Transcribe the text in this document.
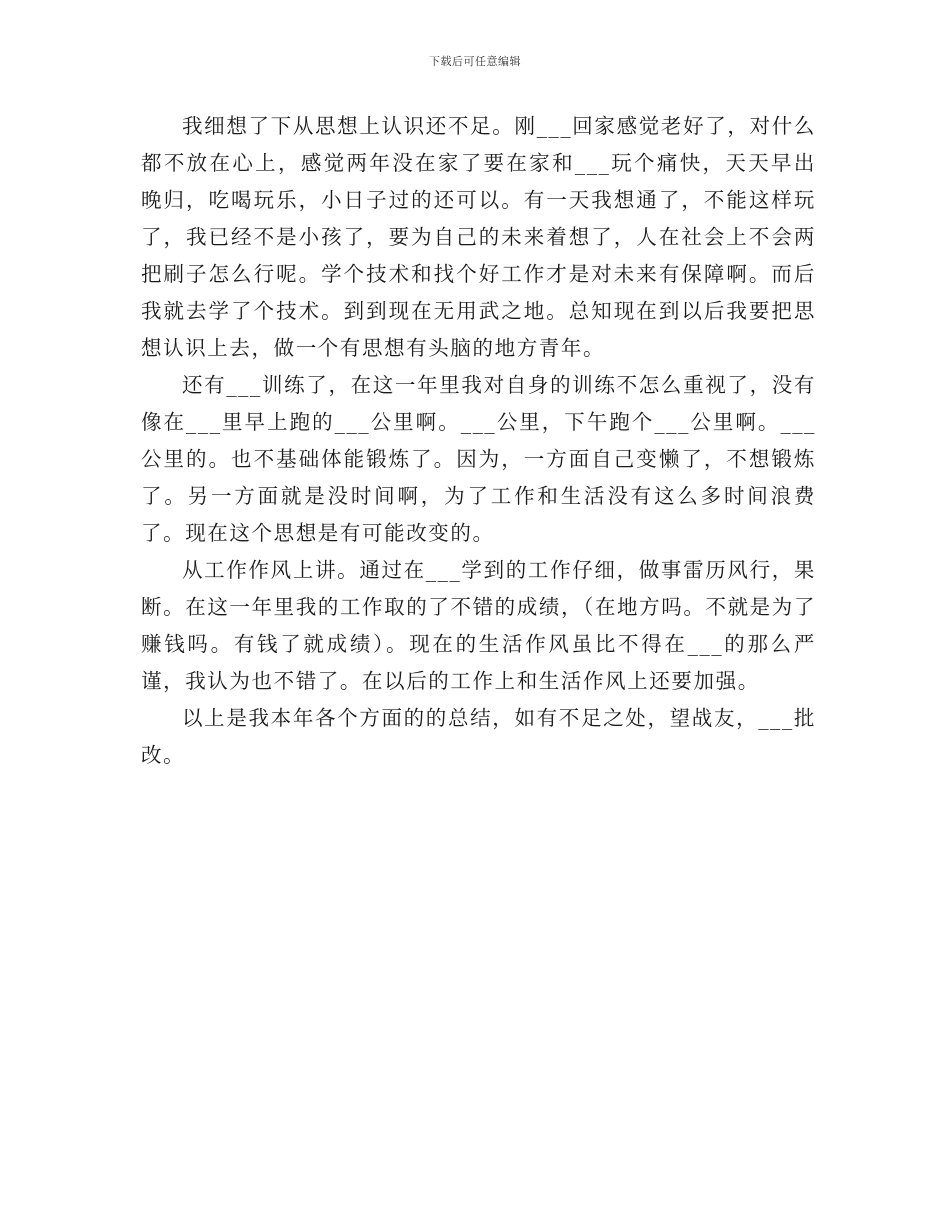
下载后可任意编辑

我细想了下从思想上认识还不足。刚___回家感觉老好了，对什么都不放在心上，感觉两年没在家了要在家和___玩个痛快，天天早出晚归，吃喝玩乐，小日子过的还可以。有一天我想通了，不能这样玩了，我已经不是小孩了，要为自己的未来着想了，人在社会上不会两把刷子怎么行呢。学个技术和找个好工作才是对未来有保障啊。而后我就去学了个技术。到到现在无用武之地。总知现在到以后我要把思想认识上去，做一个有思想有头脑的地方青年。

还有___训练了，在这一年里我对自身的训练不怎么重视了，没有像在___里早上跑的___公里啊。___公里，下午跑个___公里啊。___公里的。也不基础体能锻炼了。因为，一方面自己变懒了，不想锻炼了。另一方面就是没时间啊，为了工作和生活没有这么多时间浪费了。现在这个思想是有可能改变的。

从工作作风上讲。通过在___学到的工作仔细，做事雷历风行，果断。在这一年里我的工作取的了不错的成绩，（在地方吗。不就是为了赚钱吗。有钱了就成绩）。现在的生活作风虽比不得在___的那么严谨，我认为也不错了。在以后的工作上和生活作风上还要加强。

以上是我本年各个方面的的总结，如有不足之处，望战友，___批改。
